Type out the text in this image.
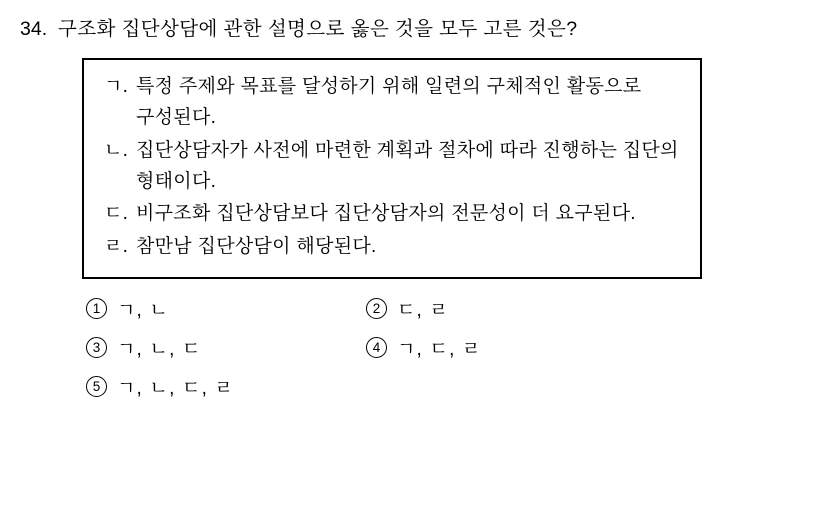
34. 구조화 집단상담에 관한 설명으로 옳은 것을 모두 고른 것은?
ㄱ. 특정 주제와 목표를 달성하기 위해 일련의 구체적인 활동으로 구성된다.
ㄴ. 집단상담자가 사전에 마련한 계획과 절차에 따라 진행하는 집단의 형태이다.
ㄷ. 비구조화 집단상담보다 집단상담자의 전문성이 더 요구된다.
ㄹ. 참만남 집단상담이 해당된다.
1 ㄱ, ㄴ	2 ㄷ, ㄹ
3 ㄱ, ㄴ, ㄷ	4 ㄱ, ㄷ, ㄹ
5 ㄱ, ㄴ, ㄷ, ㄹ
